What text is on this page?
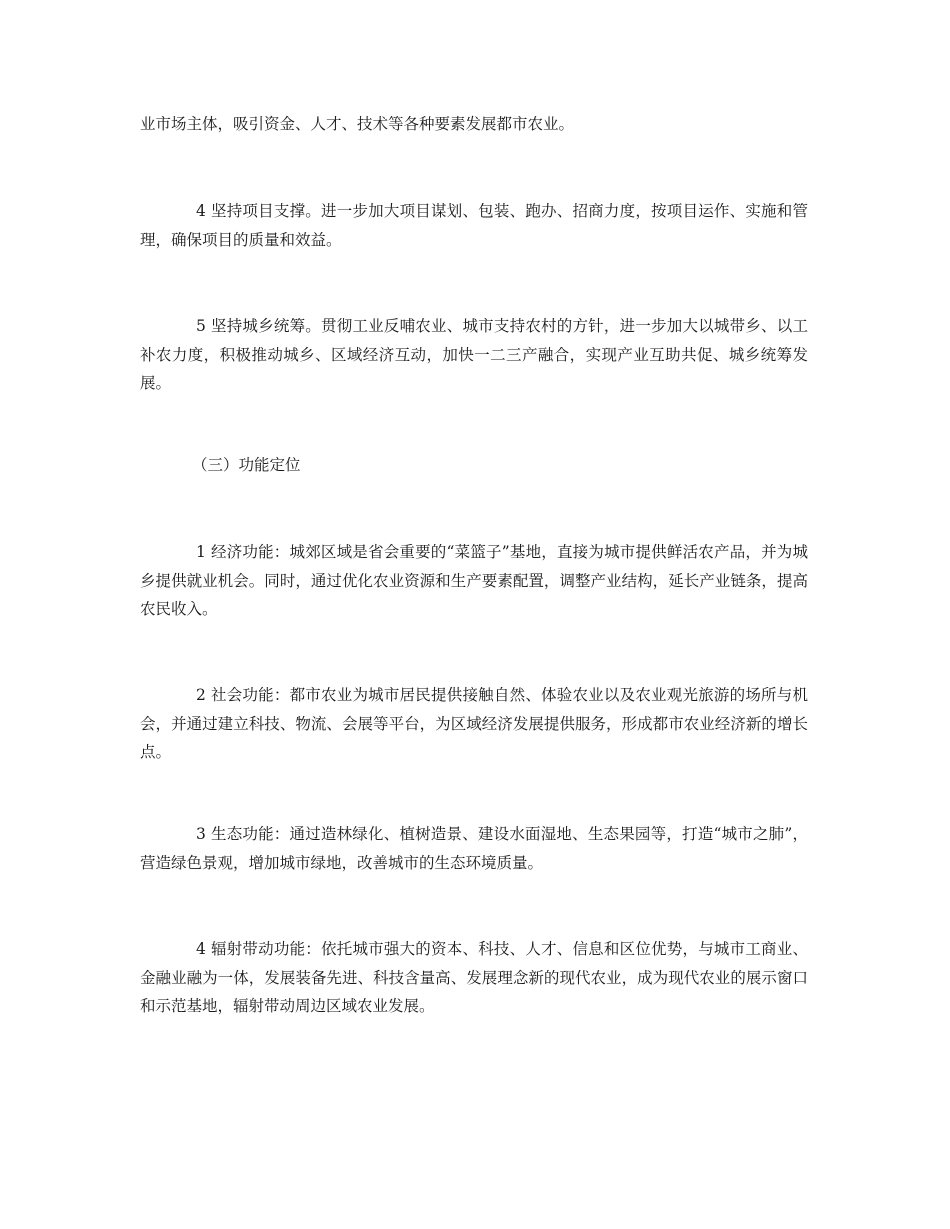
业市场主体，吸引资金、人才、技术等各种要素发展都市农业。

4 坚持项目支撑。进一步加大项目谋划、包装、跑办、招商力度，按项目运作、实施和管理，确保项目的质量和效益。

5 坚持城乡统筹。贯彻工业反哺农业、城市支持农村的方针，进一步加大以城带乡、以工补农力度，积极推动城乡、区域经济互动，加快一二三产融合，实现产业互助共促、城乡统筹发展。

（三）功能定位

1 经济功能：城郊区域是省会重要的“菜篮子”基地，直接为城市提供鲜活农产品，并为城乡提供就业机会。同时，通过优化农业资源和生产要素配置，调整产业结构，延长产业链条，提高农民收入。

2 社会功能：都市农业为城市居民提供接触自然、体验农业以及农业观光旅游的场所与机会，并通过建立科技、物流、会展等平台，为区域经济发展提供服务，形成都市农业经济新的增长点。

3 生态功能：通过造林绿化、植树造景、建设水面湿地、生态果园等，打造“城市之肺”，营造绿色景观，增加城市绿地，改善城市的生态环境质量。

4 辐射带动功能：依托城市强大的资本、科技、人才、信息和区位优势，与城市工商业、金融业融为一体，发展装备先进、科技含量高、发展理念新的现代农业，成为现代农业的展示窗口和示范基地，辐射带动周边区域农业发展。
